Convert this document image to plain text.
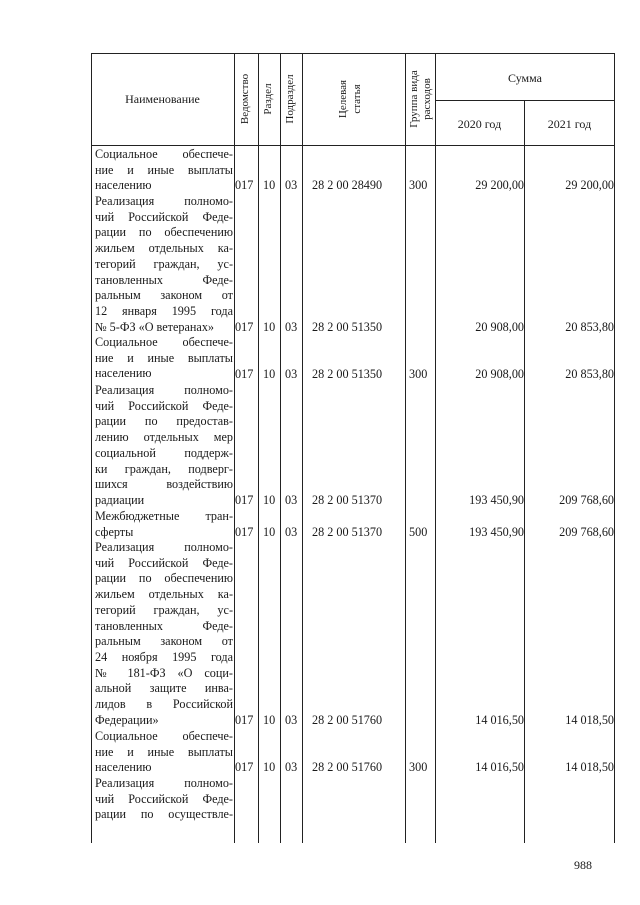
Наименование	Ведомство Раздел Подраздел	Целевая статья	Группа вида расходов
Сумма
2020 год	2021 год
Социальное обеспече-
ние и иные выплаты
населению	017 10 03 28 2 00 28490 300	29 200,00	29 200,00
Реализация полномо-
чий Российской Феде-
рации по обеспечению
жильем отдельных ка-
тегорий граждан, ус-
тановленных Феде-
ральным законом от
12 января 1995 года
№ 5-ФЗ «О ветеранах»	017 10 03 28 2 00 51350	20 908,00	20 853,80
Социальное обеспече-
ние и иные выплаты
населению	017 10 03 28 2 00 51350 300	20 908,00	20 853,80
Реализация полномо-
чий Российской Феде-
рации по предостав-
лению отдельных мер
социальной поддерж-
ки граждан, подверг-
шихся воздействию
радиации	017 10 03 28 2 00 51370	193 450,90	209 768,60
Межбюджетные тран-
сферты	017 10 03 28 2 00 51370 500	193 450,90	209 768,60
Реализация полномо-
чий Российской Феде-
рации по обеспечению
жильем отдельных ка-
тегорий граждан, ус-
тановленных Феде-
ральным законом от
24 ноября 1995 года
№ 181-ФЗ «О соци-
альной защите инва-
лидов в Российской
Федерации»	017 10 03 28 2 00 51760	14 016,50	14 018,50
Социальное обеспече-
ние и иные выплаты
населению	017 10 03 28 2 00 51760 300	14 016,50	14 018,50
Реализация полномо-
чий Российской Феде-
рации по осуществле-
988
